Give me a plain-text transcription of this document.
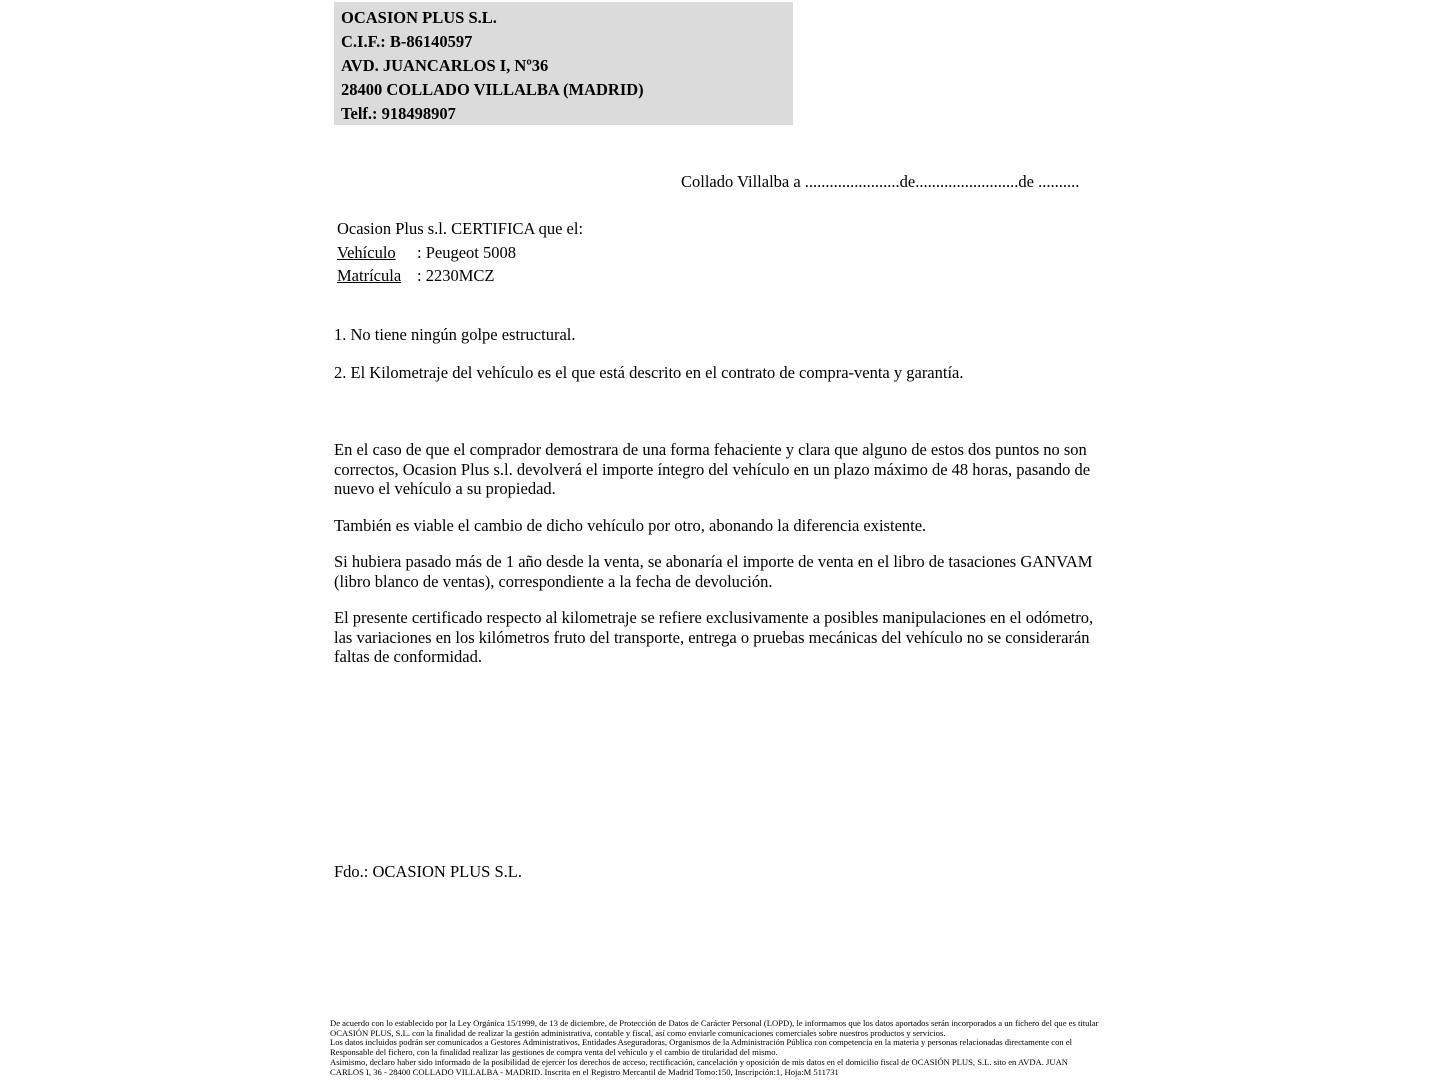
OCASION PLUS S.L.
C.I.F.: B-86140597
AVD. JUANCARLOS I, Nº36
28400 COLLADO VILLALBA (MADRID)
Telf.: 918498907
Collado Villalba a .......................de.........................de ..........
Ocasion Plus s.l. CERTIFICA que el:
Vehículo : Peugeot 5008
Matrícula : 2230MCZ

1. No tiene ningún golpe estructural.

2. El Kilometraje del vehículo es el que está descrito en el contrato de compra-venta y garantía.

En el caso de que el comprador demostrara de una forma fehaciente y clara que alguno de estos dos puntos no son correctos, Ocasion Plus s.l. devolverá el importe íntegro del vehículo en un plazo máximo de 48 horas, pasando de nuevo el vehículo a su propiedad.

También es viable el cambio de dicho vehículo por otro, abonando la diferencia existente.

Si hubiera pasado más de 1 año desde la venta, se abonaría el importe de venta en el libro de tasaciones GANVAM (libro blanco de ventas), correspondiente a la fecha de devolución.

El presente certificado respecto al kilometraje se refiere exclusivamente a posibles manipulaciones en el odómetro, las variaciones en los kilómetros fruto del transporte, entrega o pruebas mecánicas del vehículo no se considerarán faltas de conformidad.

Fdo.: OCASION PLUS S.L.

De acuerdo con lo establecido por la Ley Orgánica 15/1999, de 13 de diciembre, de Protección de Datos de Carácter Personal (LOPD), le informamos que los datos aportados serán incorporados a un fichero del que es titular OCASIÓN PLUS, S.L. con la finalidad de realizar la gestión administrativa, contable y fiscal, así como enviarle comunicaciones comerciales sobre nuestros productos y servicios.

Los datos incluidos podrán ser comunicados a Gestores Administrativos, Entidades Aseguradoras, Organismos de la Administración Pública con competencia en la materia y personas relacionadas directamente con el Responsable del fichero, con la finalidad realizar las gestiones de compra venta del vehículo y el cambio de titularidad del mismo.

Asimismo, declaro haber sido informado de la posibilidad de ejercer los derechos de acceso, rectificación, cancelación y oposición de mis datos en el domicilio fiscal de OCASIÓN PLUS, S.L. sito en AVDA. JUAN CARLOS I, 36 - 28400 COLLADO VILLALBA - MADRID. Inscrita en el Registro Mercantil de Madrid Tomo:150, Inscripción:1, Hoja:M 511731
